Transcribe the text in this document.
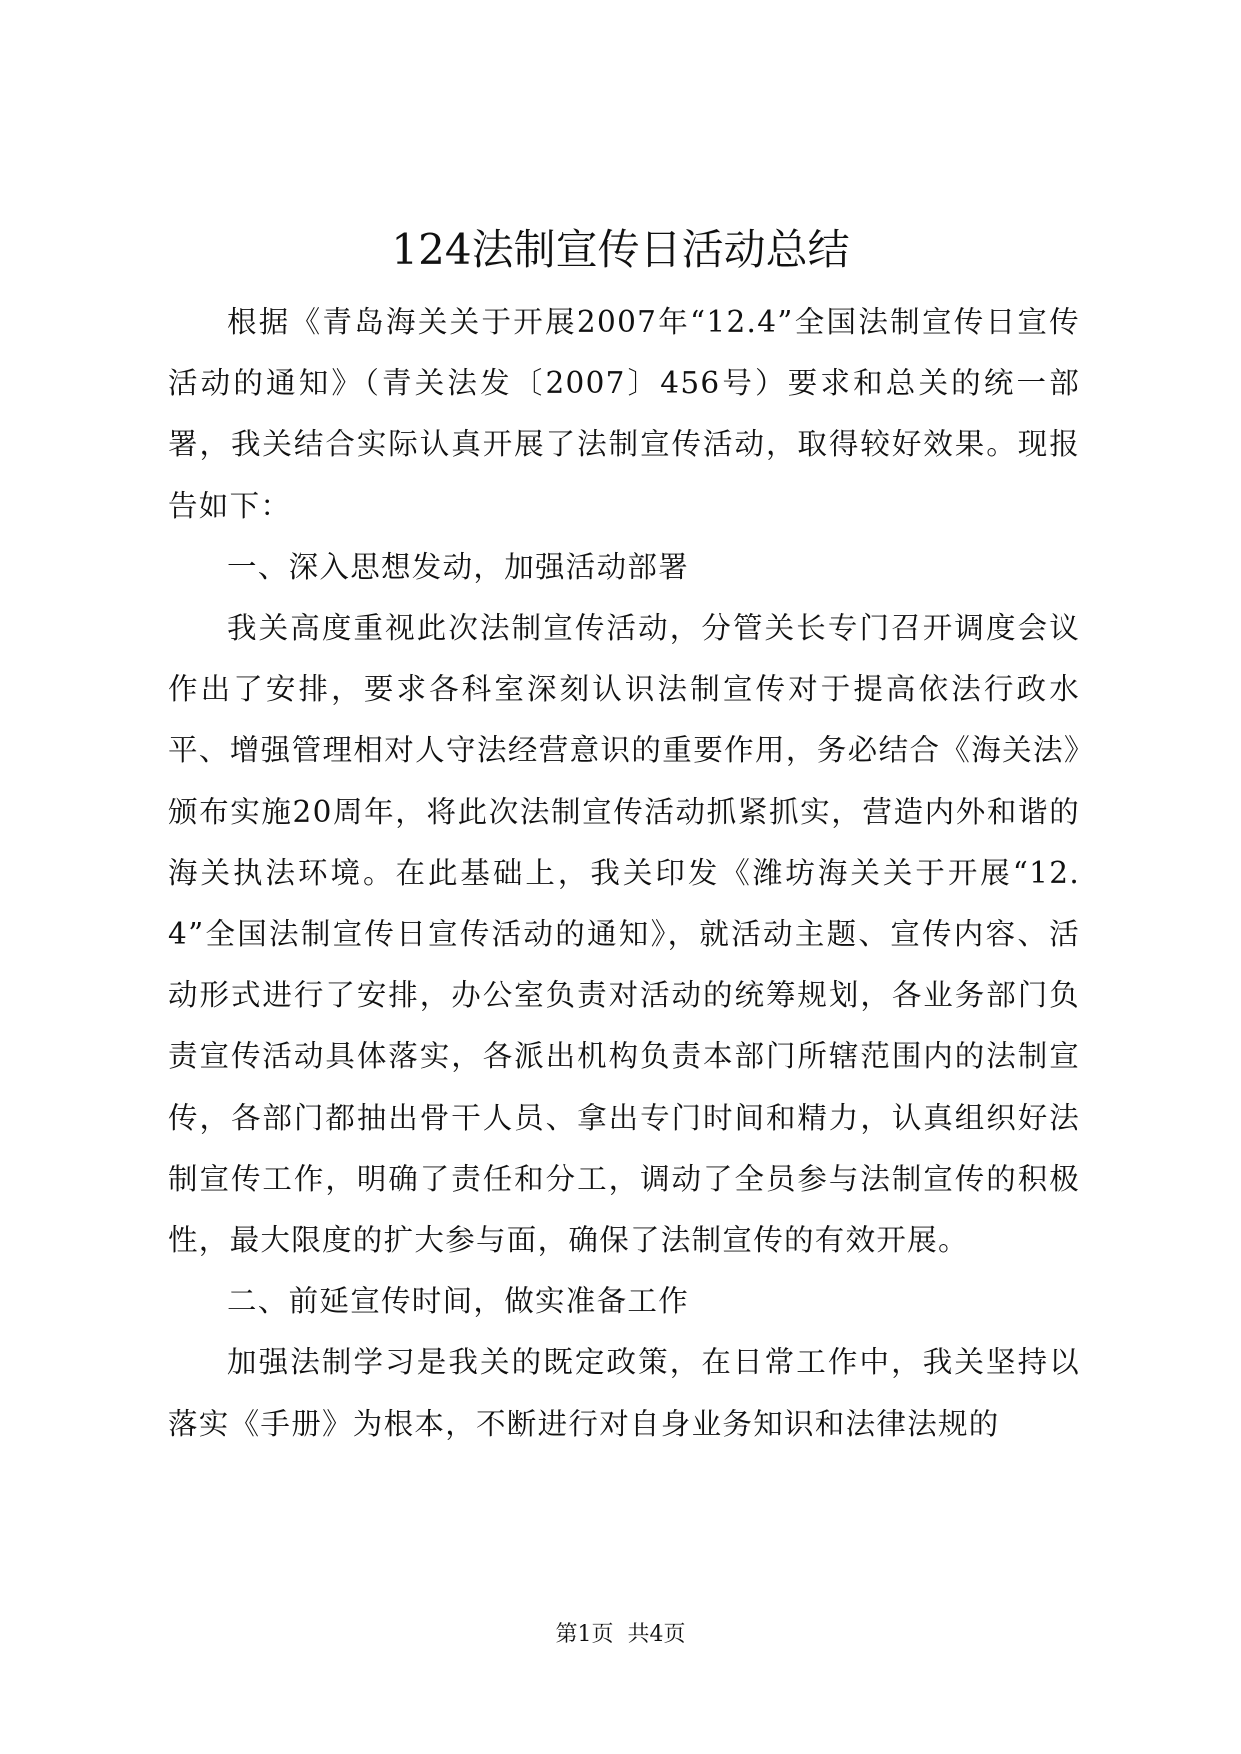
124法制宣传日活动总结

根据《青岛海关关于开展2007年“12.4”全国法制宣传日宣传活动的通知》（青关法发〔2007〕456号）要求和总关的统一部署，我关结合实际认真开展了法制宣传活动，取得较好效果。现报告如下：

一、深入思想发动，加强活动部署

我关高度重视此次法制宣传活动，分管关长专门召开调度会议作出了安排，要求各科室深刻认识法制宣传对于提高依法行政水平、增强管理相对人守法经营意识的重要作用，务必结合《海关法》颁布实施20周年，将此次法制宣传活动抓紧抓实，营造内外和谐的海关执法环境。在此基础上，我关印发《潍坊海关关于开展“12.4”全国法制宣传日宣传活动的通知》，就活动主题、宣传内容、活动形式进行了安排，办公室负责对活动的统筹规划，各业务部门负责宣传活动具体落实，各派出机构负责本部门所辖范围内的法制宣传，各部门都抽出骨干人员、拿出专门时间和精力，认真组织好法制宣传工作，明确了责任和分工，调动了全员参与法制宣传的积极性，最大限度的扩大参与面，确保了法制宣传的有效开展。

二、前延宣传时间，做实准备工作

加强法制学习是我关的既定政策，在日常工作中，我关坚持以落实《手册》为根本，不断进行对自身业务知识和法律法规的

第1页 共4页
